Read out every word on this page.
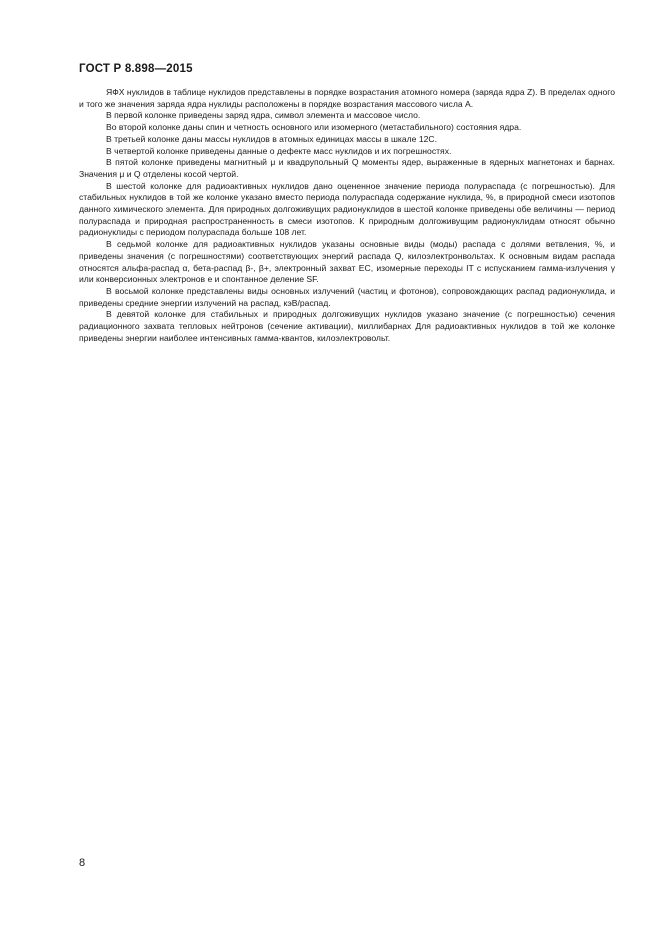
ГОСТ Р 8.898—2015

ЯФХ нуклидов в таблице нуклидов представлены в порядке возрастания атомного номера (заряда ядра Z). В пределах одного и того же значения заряда ядра нуклиды расположены в порядке возрастания массового числа A.

В первой колонке приведены заряд ядра, символ элемента и массовое число.

Во второй колонке даны спин и четность основного или изомерного (метастабильного) состояния ядра.

В третьей колонке даны массы нуклидов в атомных единицах массы в шкале 12C.

В четвертой колонке приведены данные о дефекте масс нуклидов и их погрешностях.

В пятой колонке приведены магнитный μ и квадрупольный Q моменты ядер, выраженные в ядерных магнетонах и барнах. Значения μ и Q отделены косой чертой.

В шестой колонке для радиоактивных нуклидов дано оцененное значение периода полураспада (с погрешностью). Для стабильных нуклидов в той же колонке указано вместо периода полураспада содержание нуклида, %, в природной смеси изотопов данного химического элемента. Для природных долгоживущих радионуклидов в шестой колонке приведены обе величины — период полураспада и природная распространенность в смеси изотопов. К природным долгоживущим радионуклидам относят обычно радионуклиды с периодом полураспада больше 108 лет.

В седьмой колонке для радиоактивных нуклидов указаны основные виды (моды) распада с долями ветвления, %, и приведены значения (с погрешностями) соответствующих энергий распада Q, килоэлектронвольтах. К основным видам распада относятся альфа-распад α, бета-распад β-, β+, электронный захват ЕС, изомерные переходы IT с испусканием гамма-излучения γ или конверсионных электронов е и спонтанное деление SF.

В восьмой колонке представлены виды основных излучений (частиц и фотонов), сопровождающих распад радионуклида, и приведены средние энергии излучений на распад, кэВ/распад.

В девятой колонке для стабильных и природных долгоживущих нуклидов указано значение (с погрешностью) сечения радиационного захвата тепловых нейтронов (сечение активации), миллибарнах Для радиоактивных нуклидов в той же колонке приведены энергии наиболее интенсивных гамма-квантов, килоэлектровольт.

8
